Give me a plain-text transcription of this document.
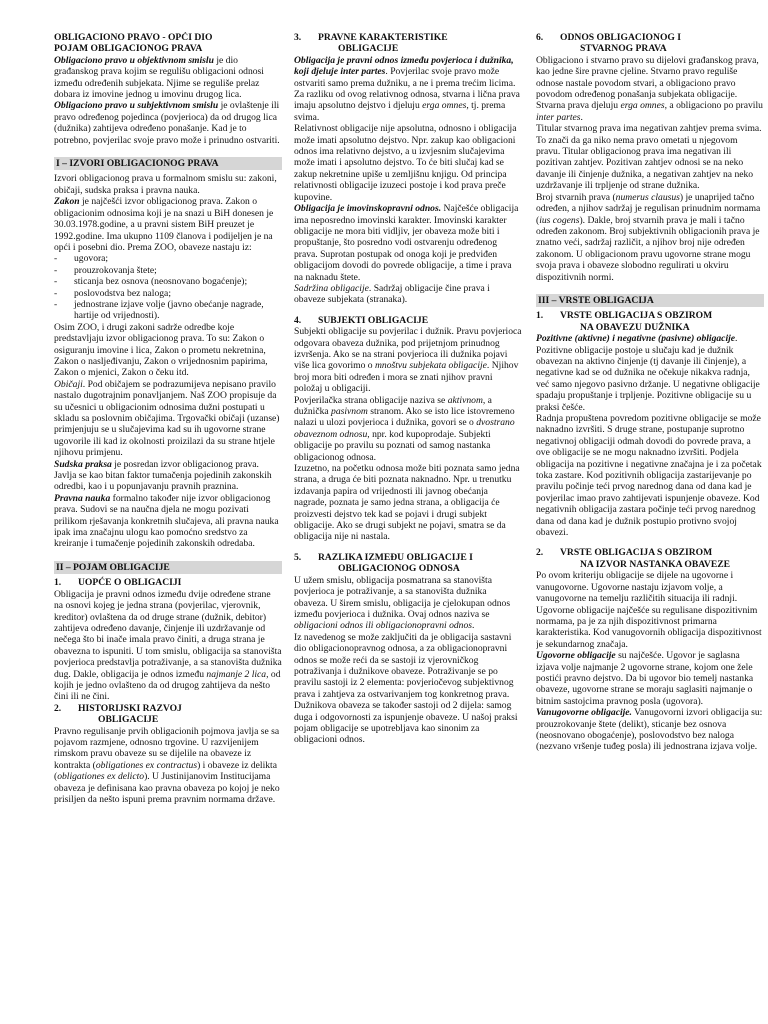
OBLIGACIONO PRAVO - OPĆI DIO
POJAM OBLIGACIONOG PRAVA

Obligaciono pravo u objektivnom smislu je dio građanskog prava kojim se regulišu obligacioni odnosi između određenih subjekata. Njime se reguliše prelaz dobara iz imovine jednog u imovinu drugog lica.

Obligaciono pravo u subjektivnom smislu je ovlaštenje ili pravo određenog pojedinca (povjerioca) da od drugog lica (dužnika) zahtijeva određeno ponašanje. Kad je to potrebno, povjerilac svoje pravo može i prinudno ostvariti.

I – IZVORI OBLIGACIONOG PRAVA

Izvori obligacionog prava u formalnom smislu su: zakoni, običaji, sudska praksa i pravna nauka.

Zakon je najčešći izvor obligacionog prava. Zakon o obligacionim odnosima koji je na snazi u BiH donesen je 30.03.1978.godine, a u pravni sistem BiH preuzet je 1992.godine. Ima ukupno 1109 članova i podijeljen je na opći i posebni dio. Prema ZOO, obaveze nastaju iz:

-	ugovora;
-	prouzrokovanja štete;
-	sticanja bez osnova (neosnovano bogaćenje);
-	poslovodstva bez naloga;
-	jednostrane izjave volje (javno obećanje nagrade, hartije od vrijednosti).

Osim ZOO, i drugi zakoni sadrže odredbe koje predstavljaju izvor obligacionog prava. To su: Zakon o osiguranju imovine i lica, Zakon o prometu nekretnina, Zakon o nasljeđivanju, Zakon o vrijednosnim papirima, Zakon o mjenici, Zakon o čeku itd.

Običaji. Pod običajem se podrazumijeva nepisano pravilo nastalo dugotrajnim ponavljanjem. Naš ZOO propisuje da su učesnici u obligacionim odnosima dužni postupati u skladu sa poslovnim običajima. Trgovački običaji (uzanse) primjenjuju se u slučajevima kad su ih ugovorne strane ugovorile ili kad iz okolnosti proizilazi da su strane htjele njihovu primjenu.

Sudska praksa je posredan izvor obligacionog prava. Javlja se kao bitan faktor tumačenja pojedinih zakonskih odredbi, kao i u popunjavanju pravnih praznina.

Pravna nauka formalno također nije izvor obligacionog prava. Sudovi se na naučna djela ne mogu pozivati prilikom rješavanja konkretnih slučajeva, ali pravna nauka ipak ima značajnu ulogu kao pomoćno sredstvo za kreiranje i tumačenje pojedinih zakonskih odredaba.

II – POJAM OBLIGACIJE
1.	UOPĆE O OBLIGACIJI

Obligacija je pravni odnos između dvije određene strane na osnovi kojeg je jedna strana (povjerilac, vjerovnik, kreditor) ovlaštena da od druge strane (dužnik, debitor) zahtijeva određeno davanje, činjenje ili uzdržavanje od nečega što bi inače imala pravo činiti, a druga strana je obavezna to ispuniti. U tom smislu, obligacija sa stanovišta povjerioca predstavlja potraživanje, a sa stanovišta dužnika dug. Dakle, obligacija je odnos između najmanje 2 lica, od kojih je jedno ovlašteno da od drugog zahtijeva da nešto čini ili ne čini.

2.	HISTORIJSKI RAZVOJ
OBLIGACIJE

Pravno regulisanje prvih obligacionih pojmova javlja se sa pojavom razmjene, odnosno trgovine. U razvijenijem rimskom pravu obaveze su se dijelile na obaveze iz kontrakta (obligationes ex contractus) i obaveze iz delikta (obligationes ex delicto). U Justinijanovim Institucijama obaveza je definisana kao pravna obaveza po kojoj je neko prisiljen da nešto ispuni prema pravnim normama države.

3.	PRAVNE KARAKTERISTIKE
OBLIGACIJE

Obligacija je pravni odnos između povjerioca i dužnika, koji djeluje inter partes. Povjerilac svoje pravo može ostvariti samo prema dužniku, a ne i prema trećim licima. Za razliku od ovog relativnog odnosa, stvarna i lična prava imaju apsolutno dejstvo i djeluju erga omnes, tj. prema svima.

Relativnost obligacije nije apsolutna, odnosno i obligacija može imati apsolutno dejstvo. Npr. zakup kao obligacioni odnos ima relativno dejstvo, a u izvjesnim slučajevima može imati i apsolutno dejstvo. To će biti slučaj kad se zakup nekretnine upiše u zemljišnu knjigu. Od principa relativnosti obligacije izuzeci postoje i kod prava preče kupovine.

Obligacija je imovinskopravni odnos. Najčešće obligacija ima neposredno imovinski karakter. Imovinski karakter obligacije ne mora biti vidljiv, jer obaveza može biti i propuštanje, što posredno vodi ostvarenju određenog prava. Suprotan postupak od onoga koji je predviđen obligacijom dovodi do povrede obligacije, a time i prava na naknadu štete.

Sadržina obligacije. Sadržaj obligacije čine prava i obaveze subjekata (stranaka).

4.	SUBJEKTI OBLIGACIJE

Subjekti obligacije su povjerilac i dužnik. Pravu povjerioca odgovara obaveza dužnika, pod prijetnjom prinudnog izvršenja. Ako se na strani povjerioca ili dužnika pojavi više lica govorimo o mnoštvu subjekata obligacije. Njihov broj mora biti određen i mora se znati njihov pravni položaj u obligaciji.

Povjerilačka strana obligacije naziva se aktivnom, a dužnička pasivnom stranom. Ako se isto lice istovremeno nalazi u ulozi povjerioca i dužnika, govori se o dvostrano obaveznom odnosu, npr. kod kupoprodaje. Subjekti obligacije po pravilu su poznati od samog nastanka obligacionog odnosa.

Izuzetno, na početku odnosa može biti poznata samo jedna strana, a druga će biti poznata naknadno. Npr. u trenutku izdavanja papira od vrijednosti ili javnog obećanja nagrade, poznata je samo jedna strana, a obligacija će proizvesti dejstvo tek kad se pojavi i drugi subjekt obligacije. Ako se drugi subjekt ne pojavi, smatra se da obligacija nije ni nastala.

5.	RAZLIKA IZMEĐU OBLIGACIJE I
OBLIGACIONOG ODNOSA

U užem smislu, obligacija posmatrana sa stanovišta povjerioca je potraživanje, a sa stanovišta dužnika obaveza. U širem smislu, obligacija je cjelokupan odnos između povjerioca i dužnika. Ovaj odnos naziva se obligacioni odnos ili obligacionopravni odnos.

Iz navedenog se može zaključiti da je obligacija sastavni dio obligacionopravnog odnosa, a za obligacionopravni odnos se može reći da se sastoji iz vjerovničkog potraživanja i dužnikove obaveze. Potraživanje se po pravilu sastoji iz 2 elementa: povjeriočevog subjektivnog prava i zahtjeva za ostvarivanjem tog konkretnog prava. Dužnikova obaveza se također sastoji od 2 dijela: samog duga i odgovornosti za ispunjenje obaveze. U našoj praksi pojam obligacije se upotrebljava kao sinonim za obligacioni odnos.

6.	ODNOS OBLIGACIONOG I
STVARNOG PRAVA

Obligaciono i stvarno pravo su dijelovi građanskog prava, kao jedne šire pravne cjeline. Stvarno pravo reguliše odnose nastale povodom stvari, a obligaciono pravo povodom određenog ponašanja subjekata obligacije.

Stvarna prava djeluju erga omnes, a obligaciono po pravilu inter partes.

Titular stvarnog prava ima negativan zahtjev prema svima. To znači da ga niko nema pravo ometati u njegovom pravu. Titular obligacionog prava ima negativan ili pozitivan zahtjev. Pozitivan zahtjev odnosi se na neko davanje ili činjenje dužnika, a negativan zahtjev na neko uzdržavanje ili trpljenje od strane dužnika.

Broj stvarnih prava (numerus clausus) je unaprijed tačno određen, a njihov sadržaj je regulisan prinudnim normama (ius cogens). Dakle, broj stvarnih prava je mali i tačno određen zakonom. Broj subjektivnih obligacionih prava je znatno veći, sadržaj različit, a njihov broj nije određen zakonom. U obligacionom pravu ugovorne strane mogu svoja prava i obaveze slobodno regulirati u okviru dispozitivnih normi.

III – VRSTE OBLIGACIJA
1.	VRSTE OBLIGACIJA S OBZIROM
NA OBAVEZU DUŽNIKA

Pozitivne (aktivne) i negativne (pasivne) obligacije. Pozitivne obligacije postoje u slučaju kad je dužnik obavezan na aktivno činjenje (tj davanje ili činjenje), a negativne kad se od dužnika ne očekuje nikakva radnja, već samo njegovo pasivno držanje. U negativne obligacije spadaju propuštanje i trpljenje. Pozitivne obligacije su u praksi češće.

Radnja propuštena povredom pozitivne obligacije se može naknadno izvršiti. S druge strane, postupanje suprotno negativnoj obligaciji odmah dovodi do povrede prava, a ove obligacije se ne mogu naknadno izvršiti. Podjela obligacija na pozitivne i negativne značajna je i za početak toka zastare. Kod pozitivnih obligacija zastarijevanje po pravilu počinje teći prvog narednog dana od dana kad je povjerilac imao pravo zahtijevati ispunjenje obaveze. Kod negativnih obligacija zastara počinje teći prvog narednog dana od dana kad je dužnik postupio protivno svojoj obavezi.

2.	VRSTE OBLIGACIJA S OBZIROM
NA IZVOR NASTANKA OBAVEZE

Po ovom kriteriju obligacije se dijele na ugovorne i vanugovorne. Ugovorne nastaju izjavom volje, a vanugovorne na temelju različitih situacija ili radnji. Ugovorne obligacije najčešće su regulisane dispozitivnim normama, pa je za njih dispozitivnost primarna karakteristika. Kod vanugovornih obligacija dispozitivnost je sekundarnog značaja.

Ugovorne obligacije su najčešće. Ugovor je saglasna izjava volje najmanje 2 ugovorne strane, kojom one žele postići pravno dejstvo. Da bi ugovor bio temelj nastanka obaveze, ugovorne strane se moraju saglasiti najmanje o bitnim sastojcima pravnog posla (ugovora).

Vanugovorne obligacije. Vanugovorni izvori obligacija su: prouzrokovanje štete (delikt), sticanje bez osnova (neosnovano obogaćenje), poslovodstvo bez naloga (nezvano vršenje tuđeg posla) ili jednostrana izjava volje.
